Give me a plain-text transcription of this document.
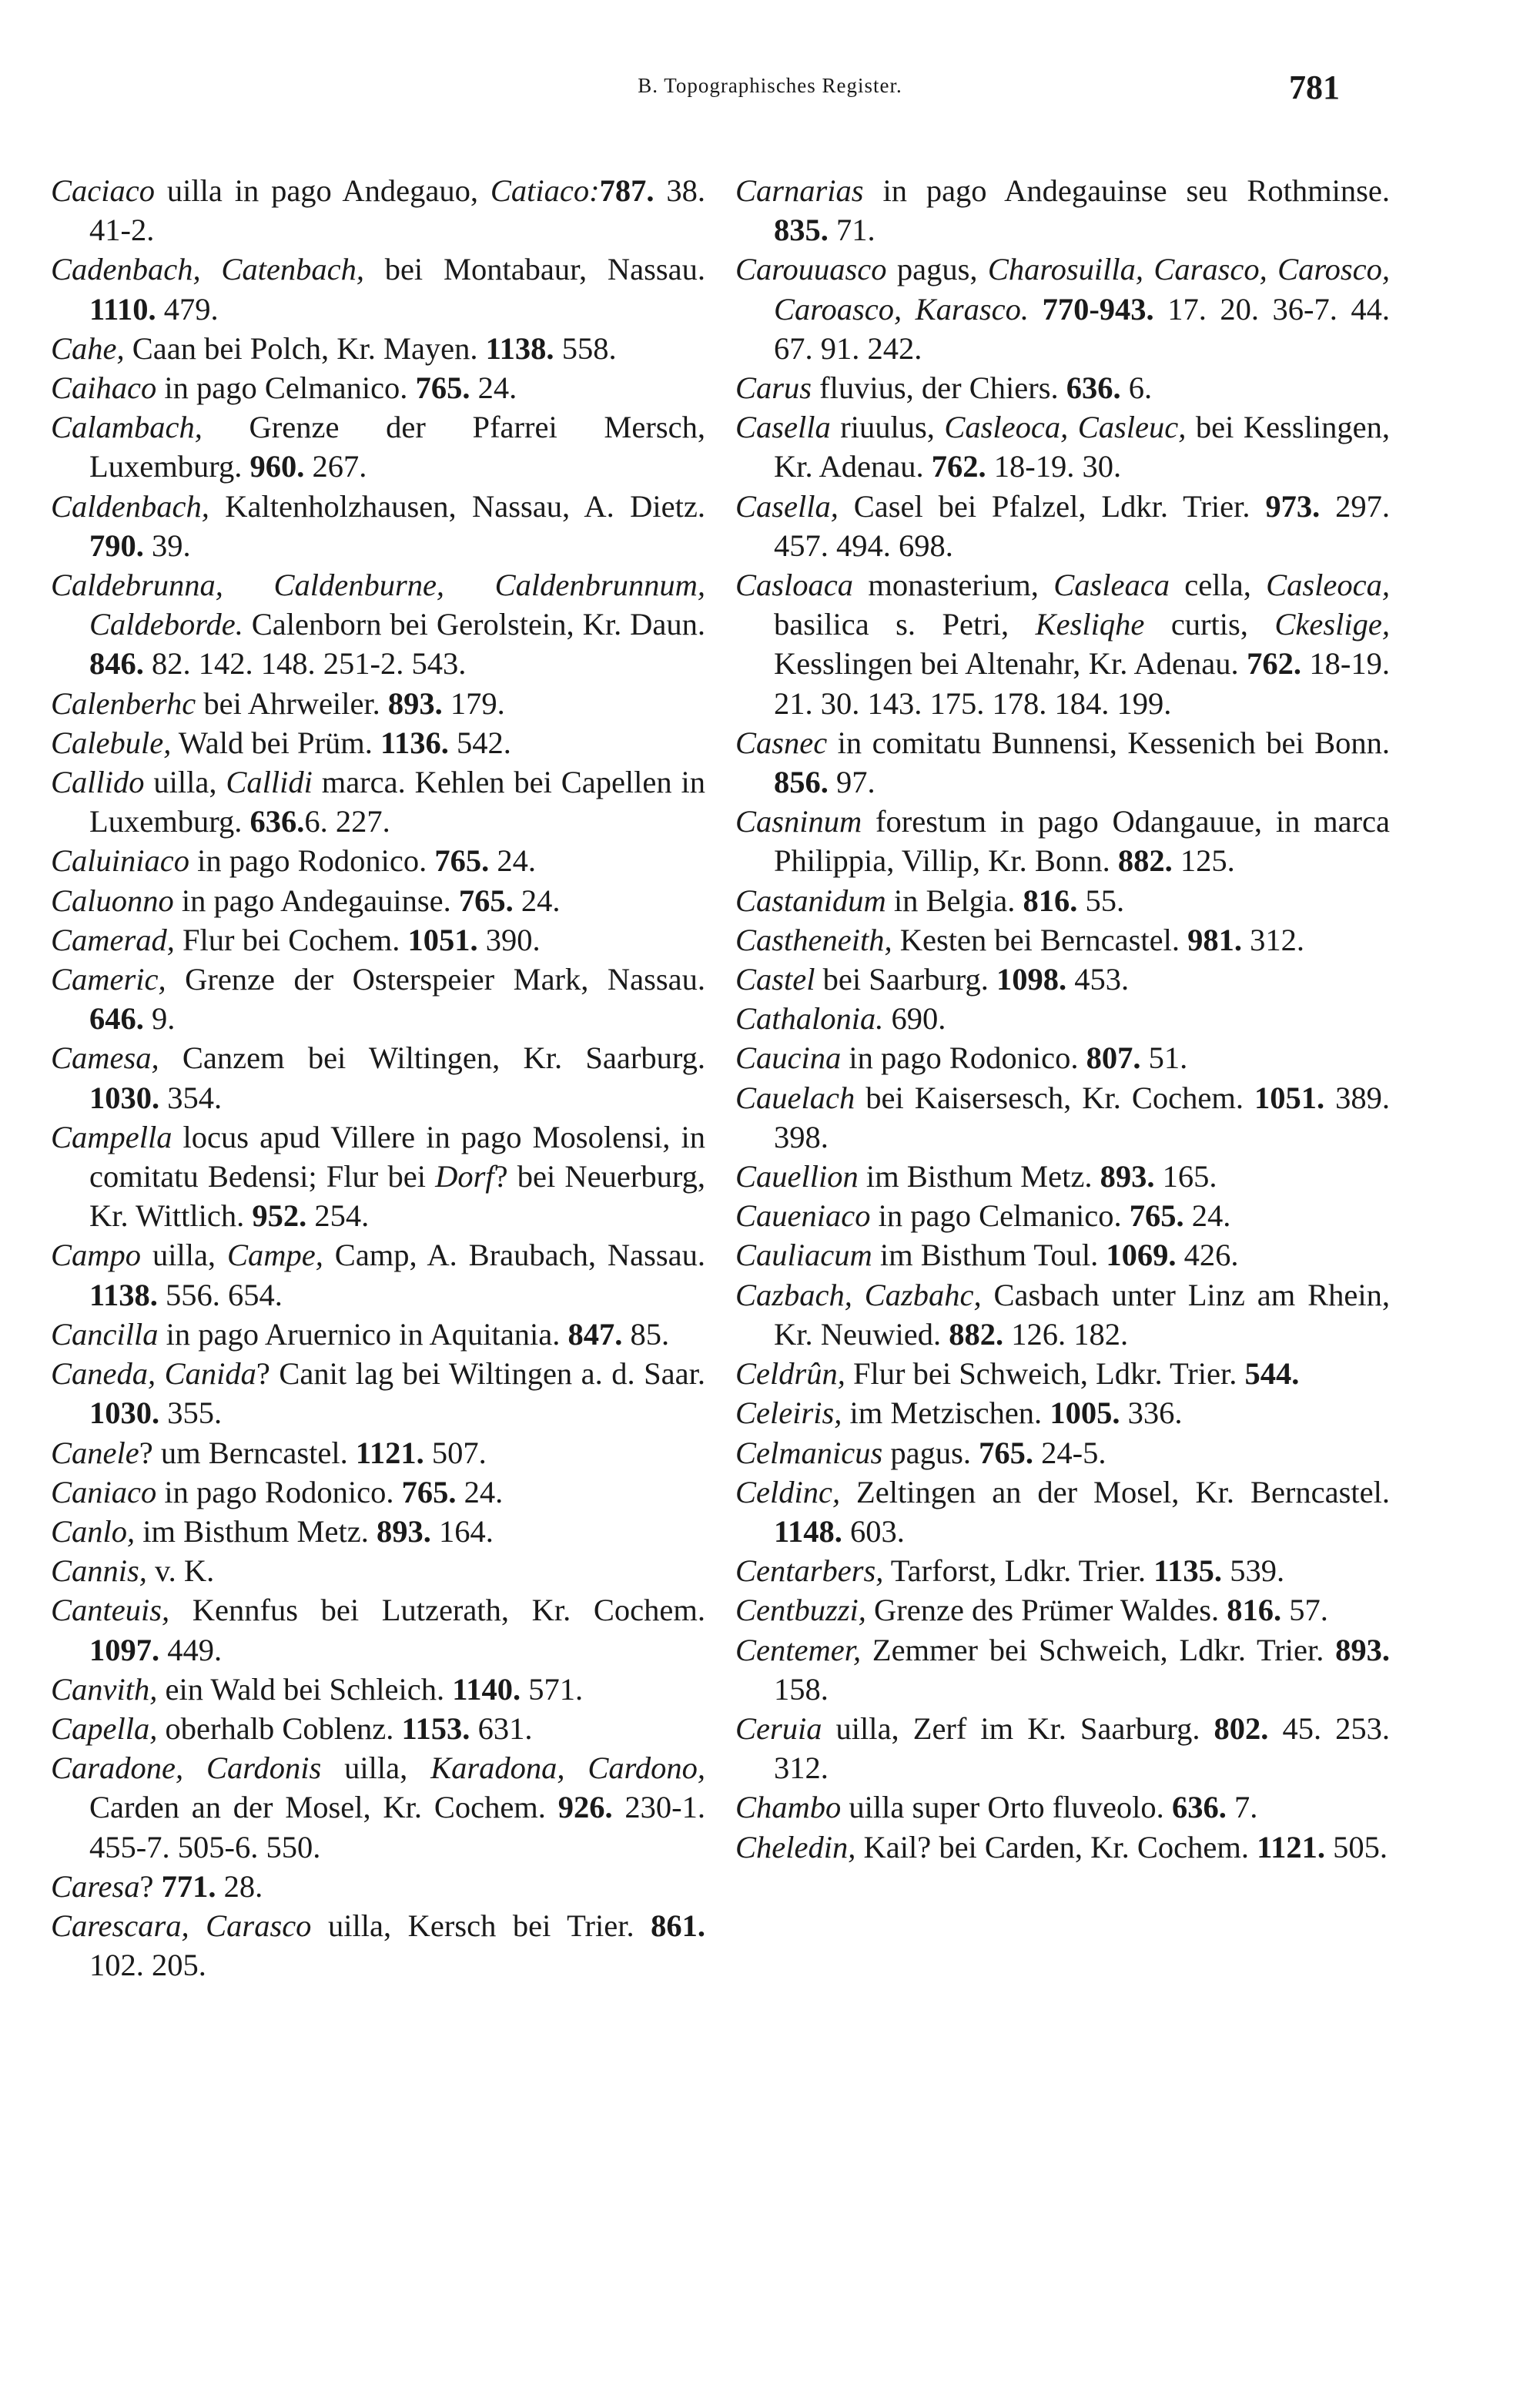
B. Topographisches Register.	781

Caciaco uilla in pago Andegauo, Catiaco:787. 38. 41-2.

Cadenbach, Catenbach, bei Montabaur, Nassau. 1110. 479.

Cahe, Caan bei Polch, Kr. Mayen. 1138. 558.

Caihaco in pago Celmanico. 765. 24.

Calambach, Grenze der Pfarrei Mersch, Luxemburg. 960. 267.

Caldenbach, Kaltenholzhausen, Nassau, A. Dietz. 790. 39.

Caldebrunna, Caldenburne, Caldenbrunnum, Caldeborde. Calenborn bei Gerolstein, Kr. Daun. 846. 82. 142. 148. 251-2. 543.

Calenberhc bei Ahrweiler. 893. 179.

Calebule, Wald bei Prüm. 1136. 542.

Callido uilla, Callidi marca. Kehlen bei Capellen in Luxemburg. 636.6. 227.

Caluiniaco in pago Rodonico. 765. 24.

Caluonno in pago Andegauinse. 765. 24.

Camerad, Flur bei Cochem. 1051. 390.

Cameric, Grenze der Osterspeier Mark, Nassau. 646. 9.

Camesa, Canzem bei Wiltingen, Kr. Saarburg. 1030. 354.

Campella locus apud Villere in pago Mosolensi, in comitatu Bedensi; Flur bei Dorf? bei Neuerburg, Kr. Wittlich. 952. 254.

Campo uilla, Campe, Camp, A. Braubach, Nassau. 1138. 556. 654.

Cancilla in pago Aruernico in Aquitania. 847. 85.

Caneda, Canida? Canit lag bei Wiltingen a. d. Saar. 1030. 355.

Canele? um Berncastel. 1121. 507.

Caniaco in pago Rodonico. 765. 24.

Canlo, im Bisthum Metz. 893. 164.

Cannis, v. K.

Canteuis, Kennfus bei Lutzerath, Kr. Cochem. 1097. 449.

Canvith, ein Wald bei Schleich. 1140. 571.

Capella, oberhalb Coblenz. 1153. 631.

Caradone, Cardonis uilla, Karadona, Cardono, Carden an der Mosel, Kr. Cochem. 926. 230-1. 455-7. 505-6. 550.

Caresa? 771. 28.

Carescara, Carasco uilla, Kersch bei Trier. 861. 102. 205.

Carnarias in pago Andegauinse seu Rothminse. 835. 71.

Carouuasco pagus, Charosuilla, Carasco, Carosco, Caroasco, Karasco. 770-943. 17. 20. 36-7. 44. 67. 91. 242.

Carus fluvius, der Chiers. 636. 6.

Casella riuulus, Casleoca, Casleuc, bei Kesslingen, Kr. Adenau. 762. 18-19. 30.

Casella, Casel bei Pfalzel, Ldkr. Trier. 973. 297. 457. 494. 698.

Casloaca monasterium, Casleaca cella, Casleoca, basilica s. Petri, Kesliqhe curtis, Ckeslige, Kesslingen bei Altenahr, Kr. Adenau. 762. 18-19. 21. 30. 143. 175. 178. 184. 199.

Casnec in comitatu Bunnensi, Kessenich bei Bonn. 856. 97.

Casninum forestum in pago Odangauue, in marca Philippia, Villip, Kr. Bonn. 882. 125.

Castanidum in Belgia. 816. 55.

Castheneith, Kesten bei Berncastel. 981. 312.

Castel bei Saarburg. 1098. 453.

Cathalonia. 690.

Caucina in pago Rodonico. 807. 51.

Cauelach bei Kaisersesch, Kr. Cochem. 1051. 389. 398.

Cauellion im Bisthum Metz. 893. 165.

Caueniaco in pago Celmanico. 765. 24.

Cauliacum im Bisthum Toul. 1069. 426.

Cazbach, Cazbahc, Casbach unter Linz am Rhein, Kr. Neuwied. 882. 126. 182.

Celdrûn, Flur bei Schweich, Ldkr. Trier. 544.

Celeiris, im Metzischen. 1005. 336.

Celmanicus pagus. 765. 24-5.

Celdinc, Zeltingen an der Mosel, Kr. Berncastel. 1148. 603.

Centarbers, Tarforst, Ldkr. Trier. 1135. 539.

Centbuzzi, Grenze des Prümer Waldes. 816. 57.

Centemer, Zemmer bei Schweich, Ldkr. Trier. 893. 158.

Ceruia uilla, Zerf im Kr. Saarburg. 802. 45. 253. 312.

Chambo uilla super Orto fluveolo. 636. 7.

Cheledin, Kail? bei Carden, Kr. Cochem. 1121. 505.
